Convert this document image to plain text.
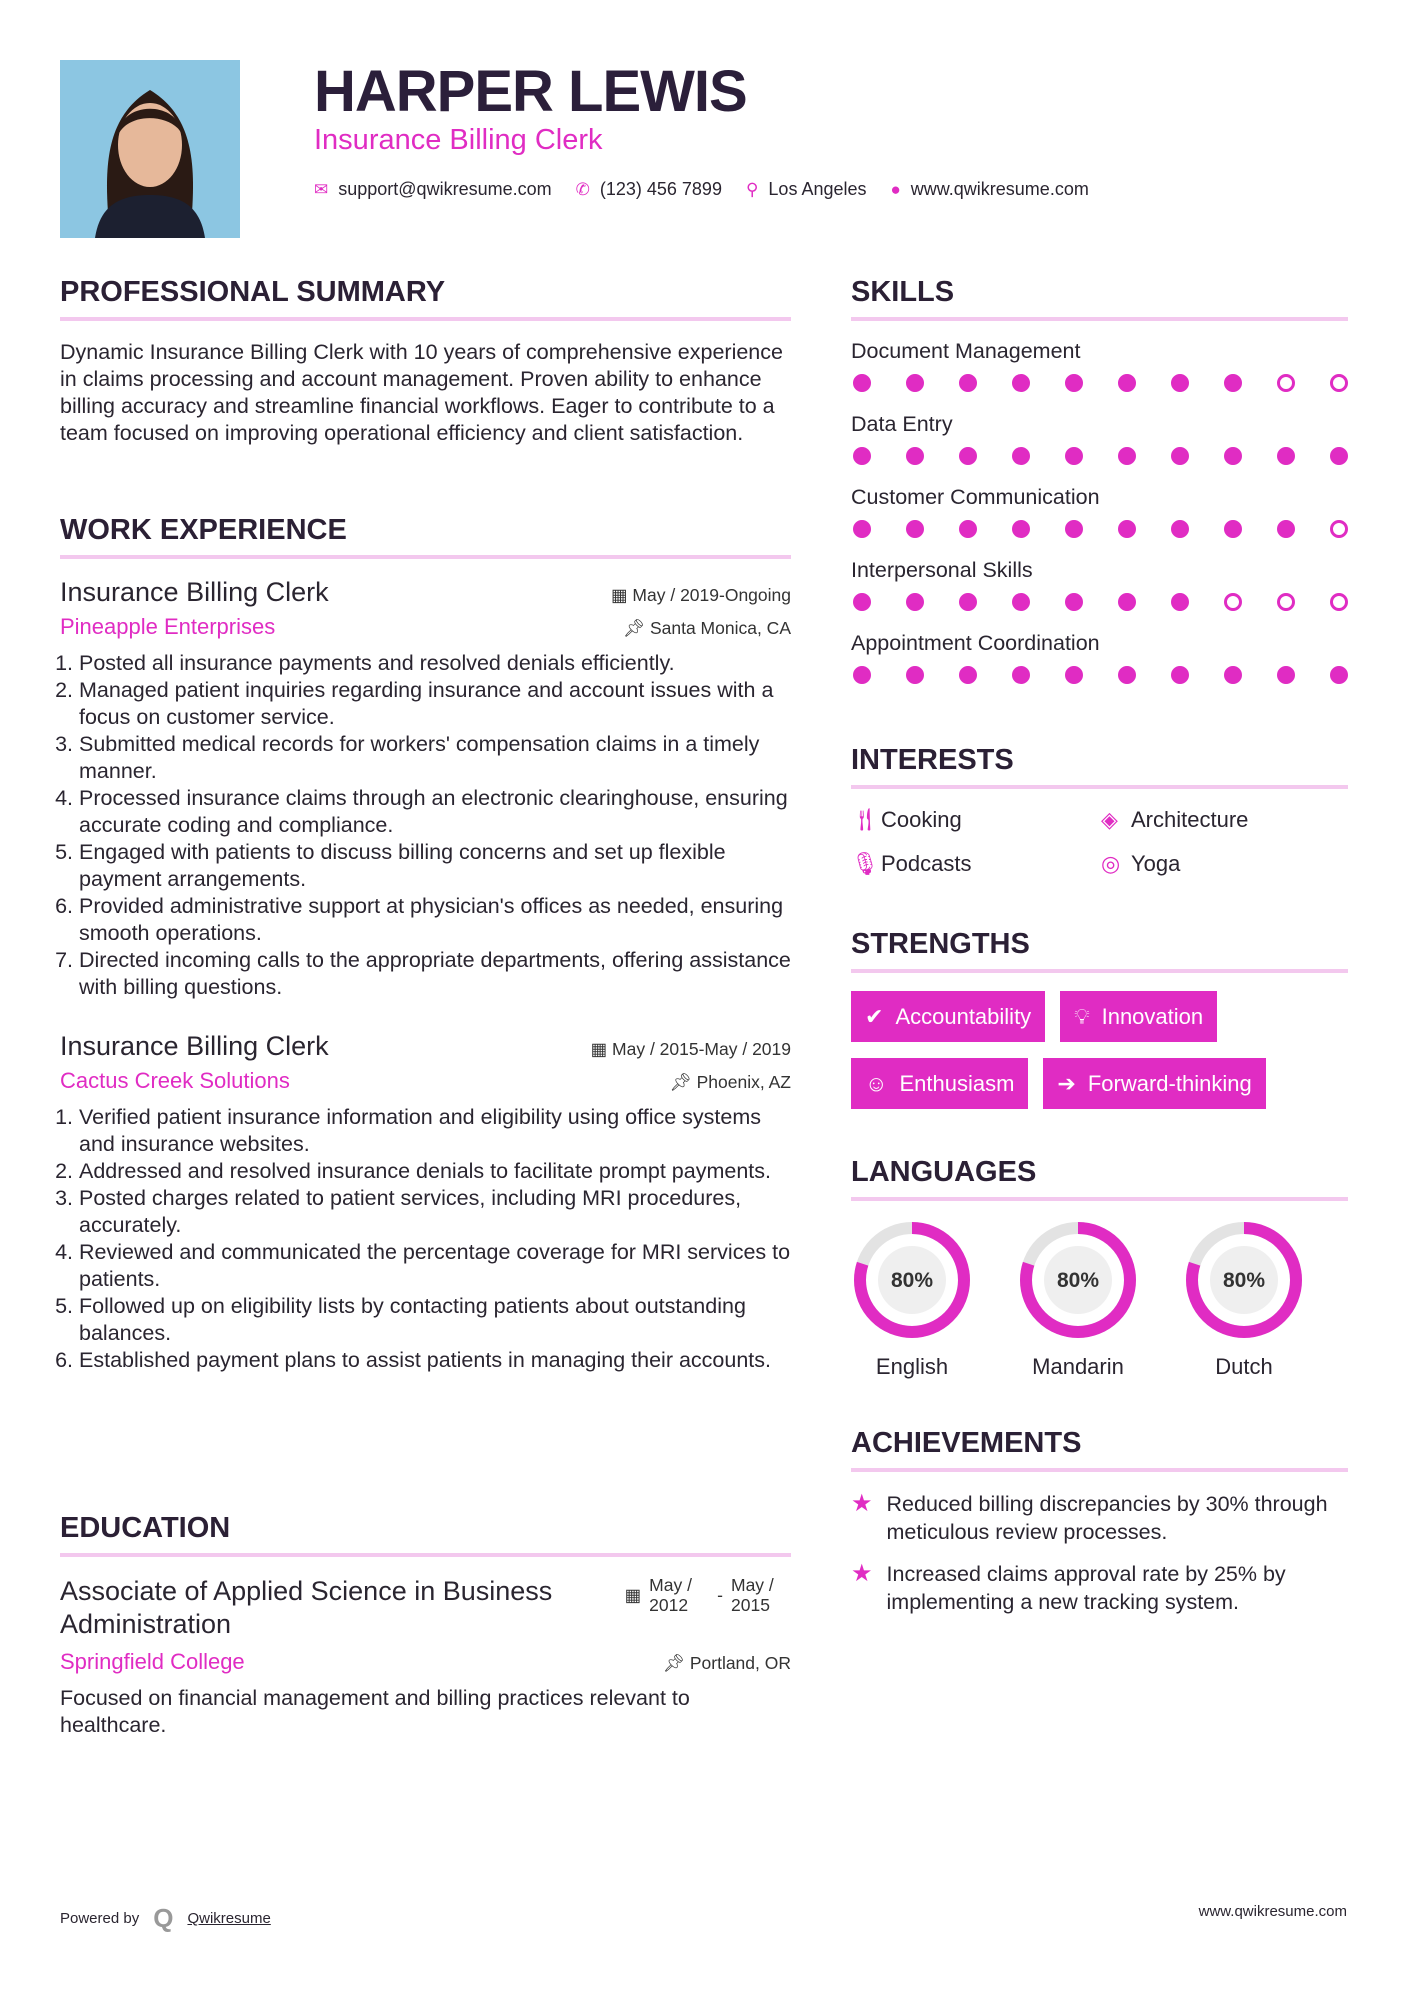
HARPER LEWIS
Insurance Billing Clerk
✉ support@qwikresume.com ✆ (123) 456 7899 ⚲ Los Angeles ● www.qwikresume.com
PROFESSIONAL SUMMARY
Dynamic Insurance Billing Clerk with 10 years of comprehensive experience in claims processing and account management. Proven ability to enhance billing accuracy and streamline financial workflows. Eager to contribute to a team focused on improving operational efficiency and client satisfaction.
WORK EXPERIENCE
Insurance Billing Clerk	▦ May / 2019-Ongoing
Pineapple Enterprises	📌︎ Santa Monica, CA
1. Posted all insurance payments and resolved denials efficiently.
2. Managed patient inquiries regarding insurance and account issues with a focus on customer service.
3. Submitted medical records for workers' compensation claims in a timely manner.
4. Processed insurance claims through an electronic clearinghouse, ensuring accurate coding and compliance.
5. Engaged with patients to discuss billing concerns and set up flexible payment arrangements.
6. Provided administrative support at physician's offices as needed, ensuring smooth operations.
7. Directed incoming calls to the appropriate departments, offering assistance with billing questions.
Insurance Billing Clerk	▦ May / 2015-May / 2019
Cactus Creek Solutions	📌︎ Phoenix, AZ
1. Verified patient insurance information and eligibility using office systems and insurance websites.
2. Addressed and resolved insurance denials to facilitate prompt payments.
3. Posted charges related to patient services, including MRI procedures, accurately.
4. Reviewed and communicated the percentage coverage for MRI services to patients.
5. Followed up on eligibility lists by contacting patients about outstanding balances.
6. Established payment plans to assist patients in managing their accounts.
EDUCATION
Associate of Applied Science in Business Administration
▦ May / 2012	- May / 2015
Springfield College	📌︎ Portland, OR
Focused on financial management and billing practices relevant to healthcare.
SKILLS
Document Management
Data Entry
Customer Communication
Interpersonal Skills
Appointment Coordination
INTERESTS
🍴︎Cooking	◈ Architecture
🎙︎Podcasts	◎ Yoga
STRENGTHS
✔ Accountability 💡︎ Innovation
☺ Enthusiasm ➔ Forward-thinking
LANGUAGES
80%
English
80%
Mandarin
80%
Dutch
ACHIEVEMENTS
★ Reduced billing discrepancies by 30% through meticulous review processes.
★ Increased claims approval rate by 25% by implementing a new tracking system.
Powered by Q Qwikresume	www.qwikresume.com
